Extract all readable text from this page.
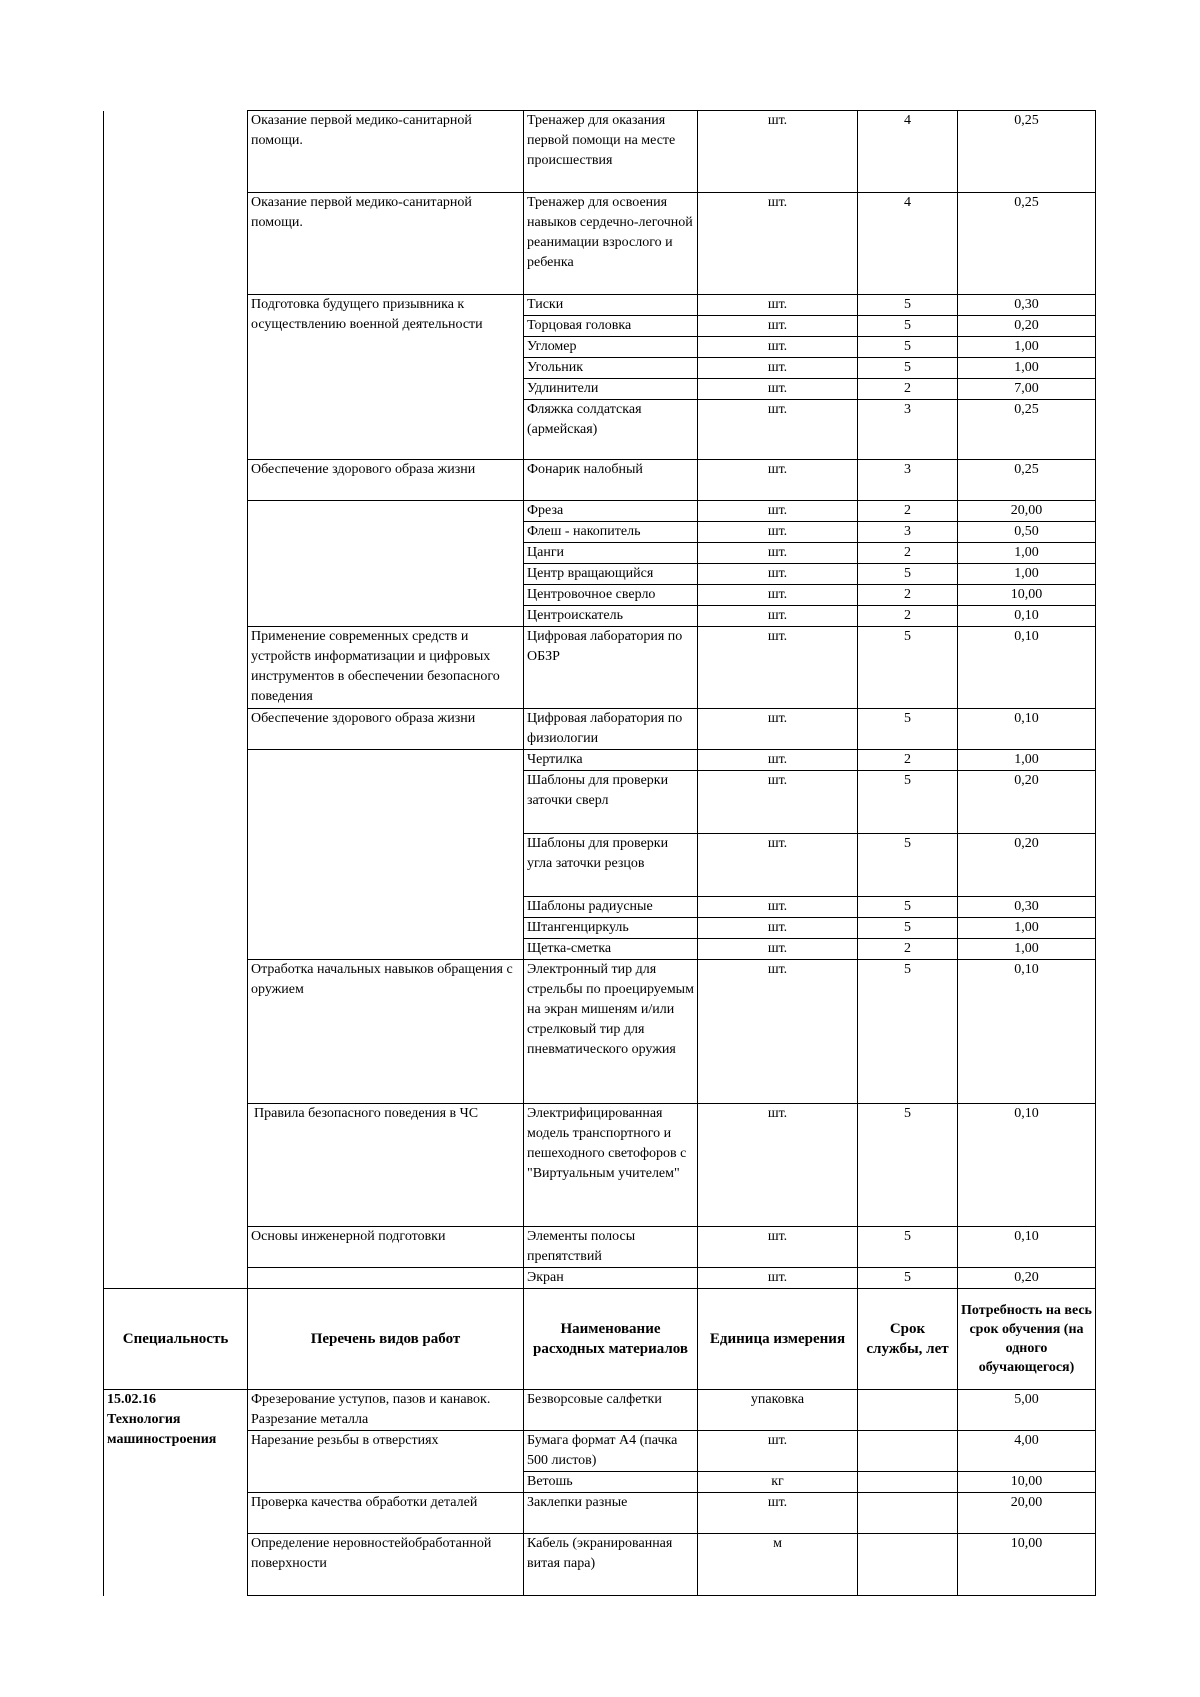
	Оказание первой медико-санитарной помощи.	Тренажер для оказания первой помощи на месте происшествия	шт.	4	0,25
	Оказание первой медико-санитарной помощи.	Тренажер для освоения навыков сердечно-легочной реанимации взрослого и ребенка	шт.	4	0,25
	Подготовка будущего призывника к осуществлению военной деятельности	Тиски	шт.	5	0,30
		Торцовая головка	шт.	5	0,20
		Угломер	шт.	5	1,00
		Угольник	шт.	5	1,00
		Удлинители	шт.	2	7,00
		Фляжка солдатская (армейская)	шт.	3	0,25
	Обеспечение здорового образа жизни	Фонарик налобный	шт.	3	0,25
		Фреза	шт.	2	20,00
		Флеш - накопитель	шт.	3	0,50
		Цанги	шт.	2	1,00
		Центр вращающийся	шт.	5	1,00
		Центровочное сверло	шт.	2	10,00
		Центроискатель	шт.	2	0,10
	Применение современных средств и устройств информатизации и цифровых инструментов в обеспечении безопасного поведения	Цифровая лаборатория по ОБЗР	шт.	5	0,10
	Обеспечение здорового образа жизни	Цифровая лаборатория по физиологии	шт.	5	0,10
		Чертилка	шт.	2	1,00
		Шаблоны для проверки заточки сверл	шт.	5	0,20
		Шаблоны для проверки угла заточки резцов	шт.	5	0,20
		Шаблоны радиусные	шт.	5	0,30
		Штангенциркуль	шт.	5	1,00
		Щетка-сметка	шт.	2	1,00
	Отработка начальных навыков обращения с оружием	Электронный тир для стрельбы по проецируемым на экран мишеням и/или стрелковый тир для пневматического оружия	шт.	5	0,10
	Правила безопасного поведения в ЧС	Электрифицированная модель транспортного и пешеходного светофоров с "Виртуальным учителем"	шт.	5	0,10
	Основы инженерной подготовки	Элементы полосы препятствий	шт.	5	0,10
		Экран	шт.	5	0,20
Специальность	Перечень видов работ	Наименование расходных материалов	Единица измерения	Срок службы, лет	Потребность на весь срок обучения (на одного обучающегося)

15.02.16
Технология машиностроения	Фрезерование уступов, пазов и канавок. Разрезание металла	Безворсовые салфетки	упаковка		5,00
	Нарезание резьбы в отверстиях	Бумага формат А4 (пачка 500 листов)	шт.		4,00
		Ветошь	кг		10,00
	Проверка качества обработки деталей	Заклепки разные	шт.		20,00
	Определение неровностейобработанной поверхности	Кабель (экранированная витая пара)	м		10,00
